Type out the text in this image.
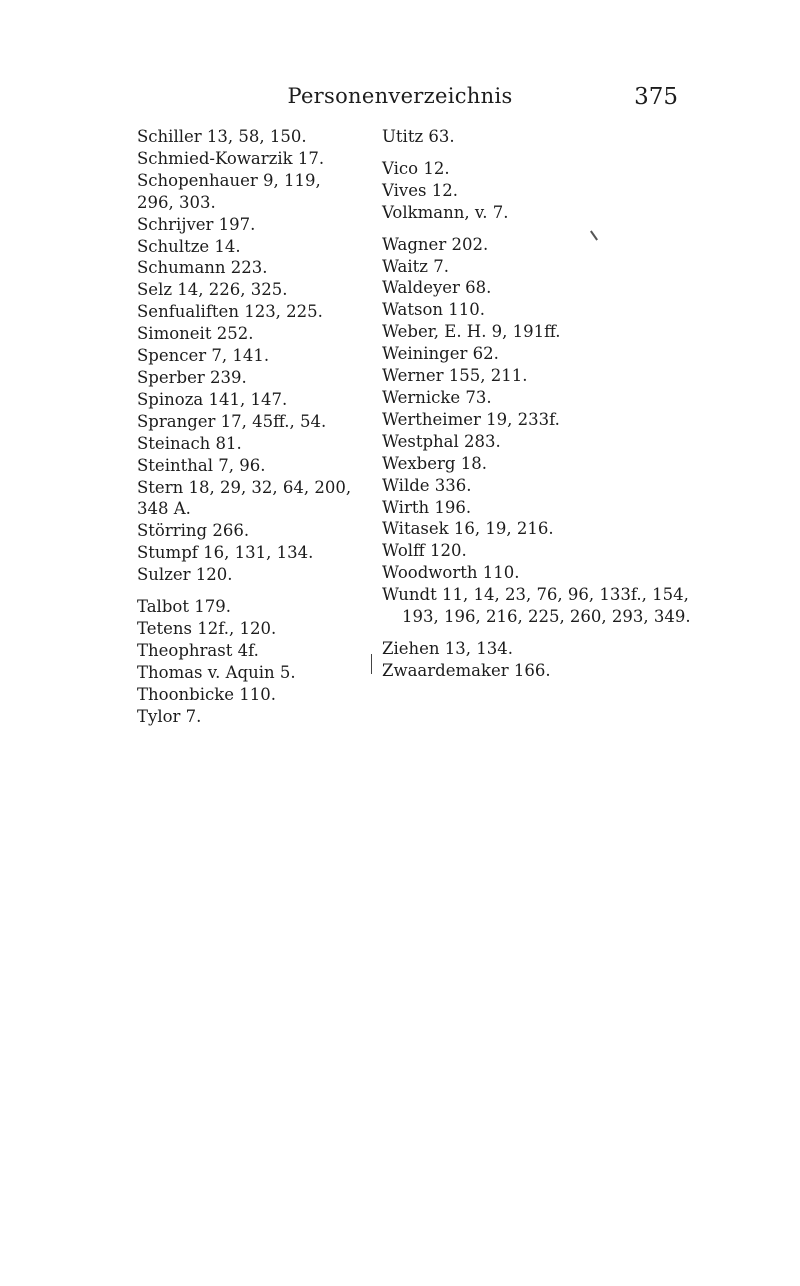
Personenverzeichnis	375

Schiller 13, 58, 150.

Schmied-Kowarzik 17.

Schopenhauer 9, 119, 296, 303.

Schrijver 197.

Schultze 14.

Schumann 223.

Selz 14, 226, 325.

Senfualiften 123, 225.

Simoneit 252.

Spencer 7, 141.

Sperber 239.

Spinoza 141, 147.

Spranger 17, 45ff., 54.

Steinach 81.

Steinthal 7, 96.

Stern 18, 29, 32, 64, 200, 348 A.

Störring 266.

Stumpf 16, 131, 134.

Sulzer 120.

Talbot 179.

Tetens 12f., 120.

Theophrast 4f.

Thomas v. Aquin 5.

Thoonbicke 110.

Tylor 7.

Utitz 63.

Vico 12.

Vives 12.

Volkmann, v. 7.

Wagner 202.

Waitz 7.

Waldeyer 68.

Watson 110.

Weber, E. H. 9, 191ff.

Weininger 62.

Werner 155, 211.

Wernicke 73.

Wertheimer 19, 233f.

Westphal 283.

Wexberg 18.

Wilde 336.

Wirth 196.

Witasek 16, 19, 216.

Wolff 120.

Woodworth 110.

Wundt 11, 14, 23, 76, 96, 133f., 154,

193, 196, 216, 225, 260, 293, 349.

Ziehen 13, 134.

Zwaardemaker 166.
